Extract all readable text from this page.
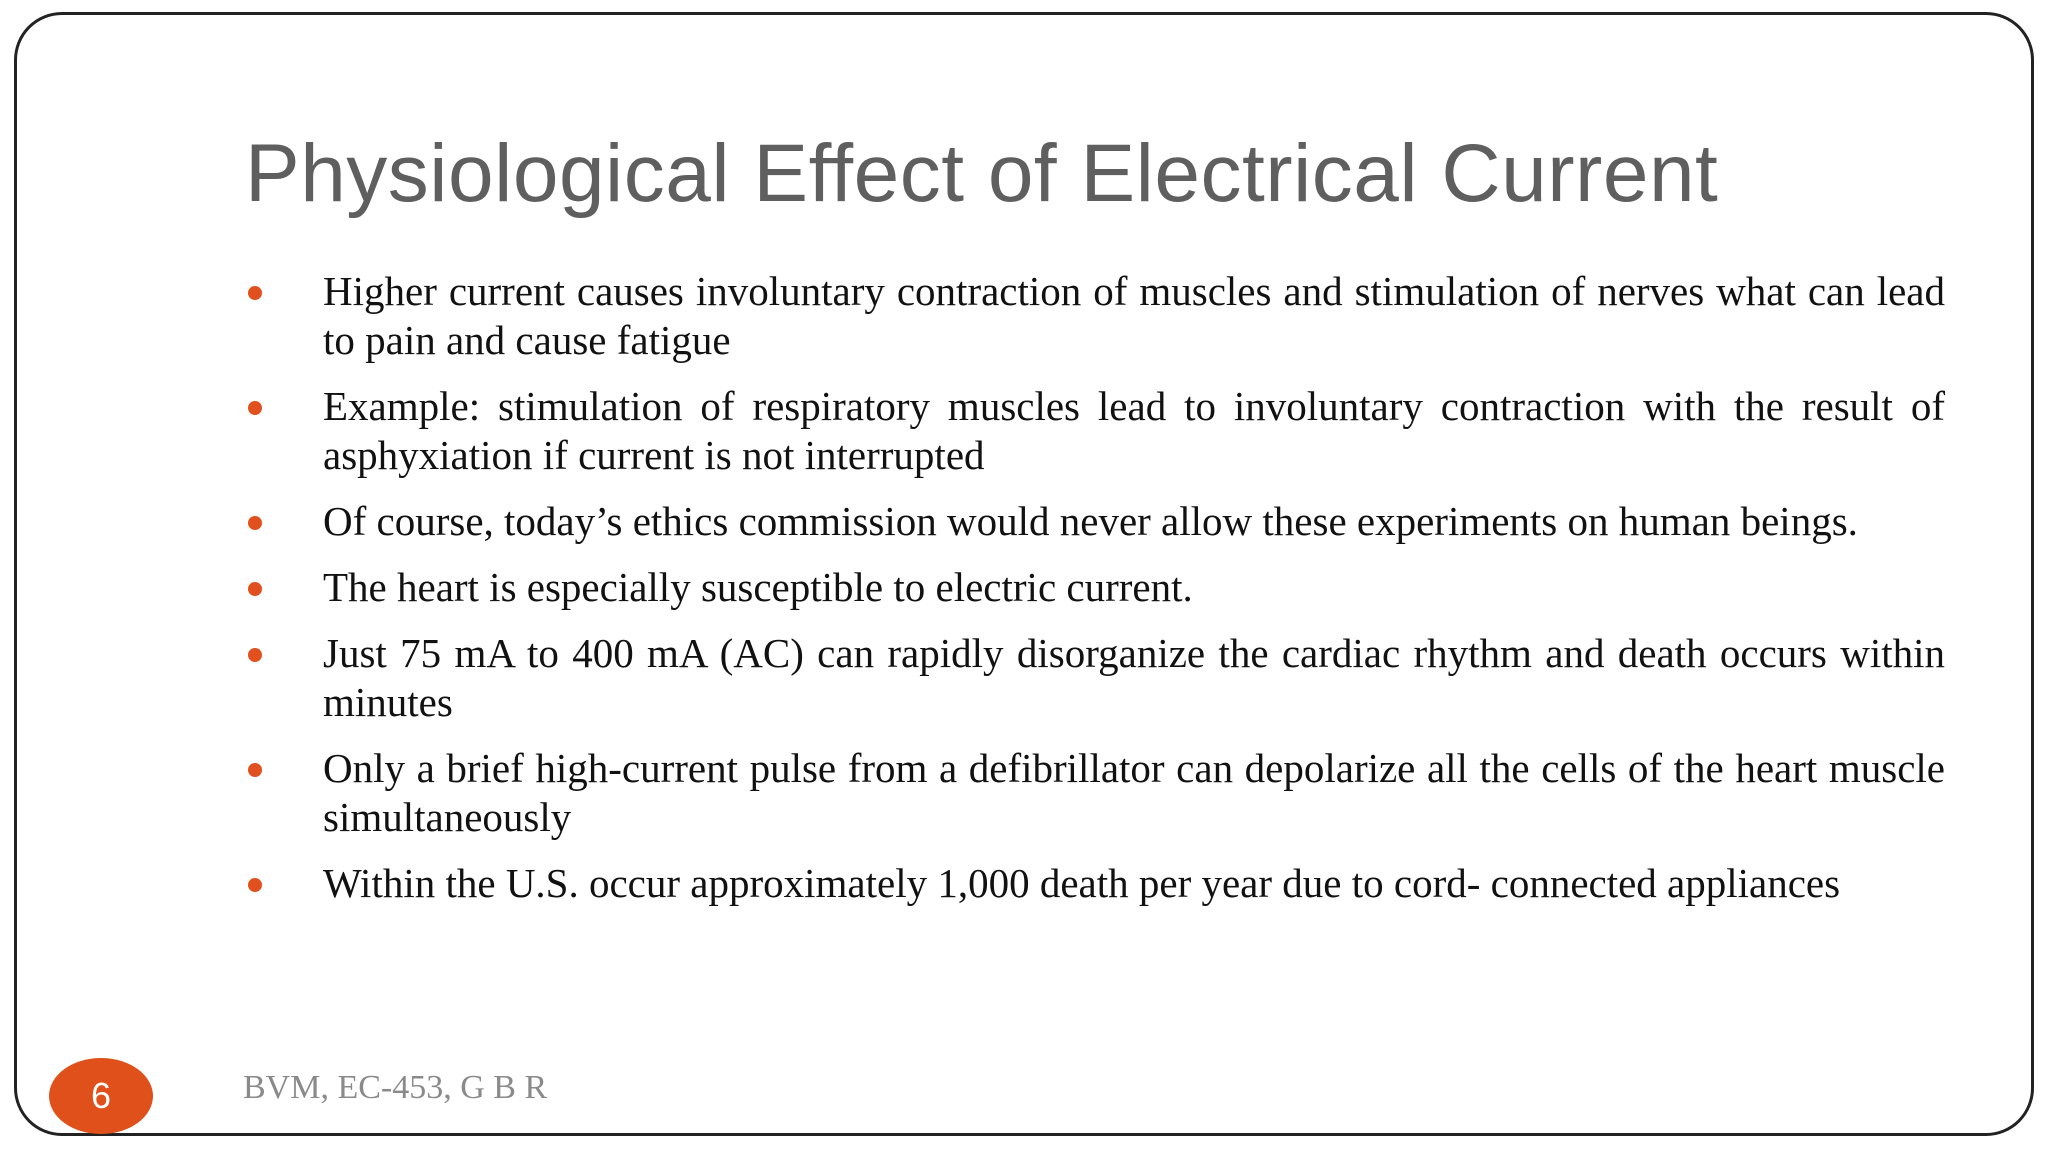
Physiological Effect of Electrical Current
Higher current causes involuntary contraction of muscles and stimulation of nerves what can lead to pain and cause fatigue
Example: stimulation of respiratory muscles lead to involuntary contraction with the result of asphyxiation if current is not interrupted
Of course, today’s ethics commission would never allow these experiments on human beings.
The heart is especially susceptible to electric current.
Just 75 mA to 400 mA (AC) can rapidly disorganize the cardiac rhythm and death occurs within minutes
Only a brief high-current pulse from a defibrillator can depolarize all the cells of the heart muscle simultaneously
Within the U.S. occur approximately 1,000 death per year due to cord- connected appliances
6	BVM, EC-453, G B R
